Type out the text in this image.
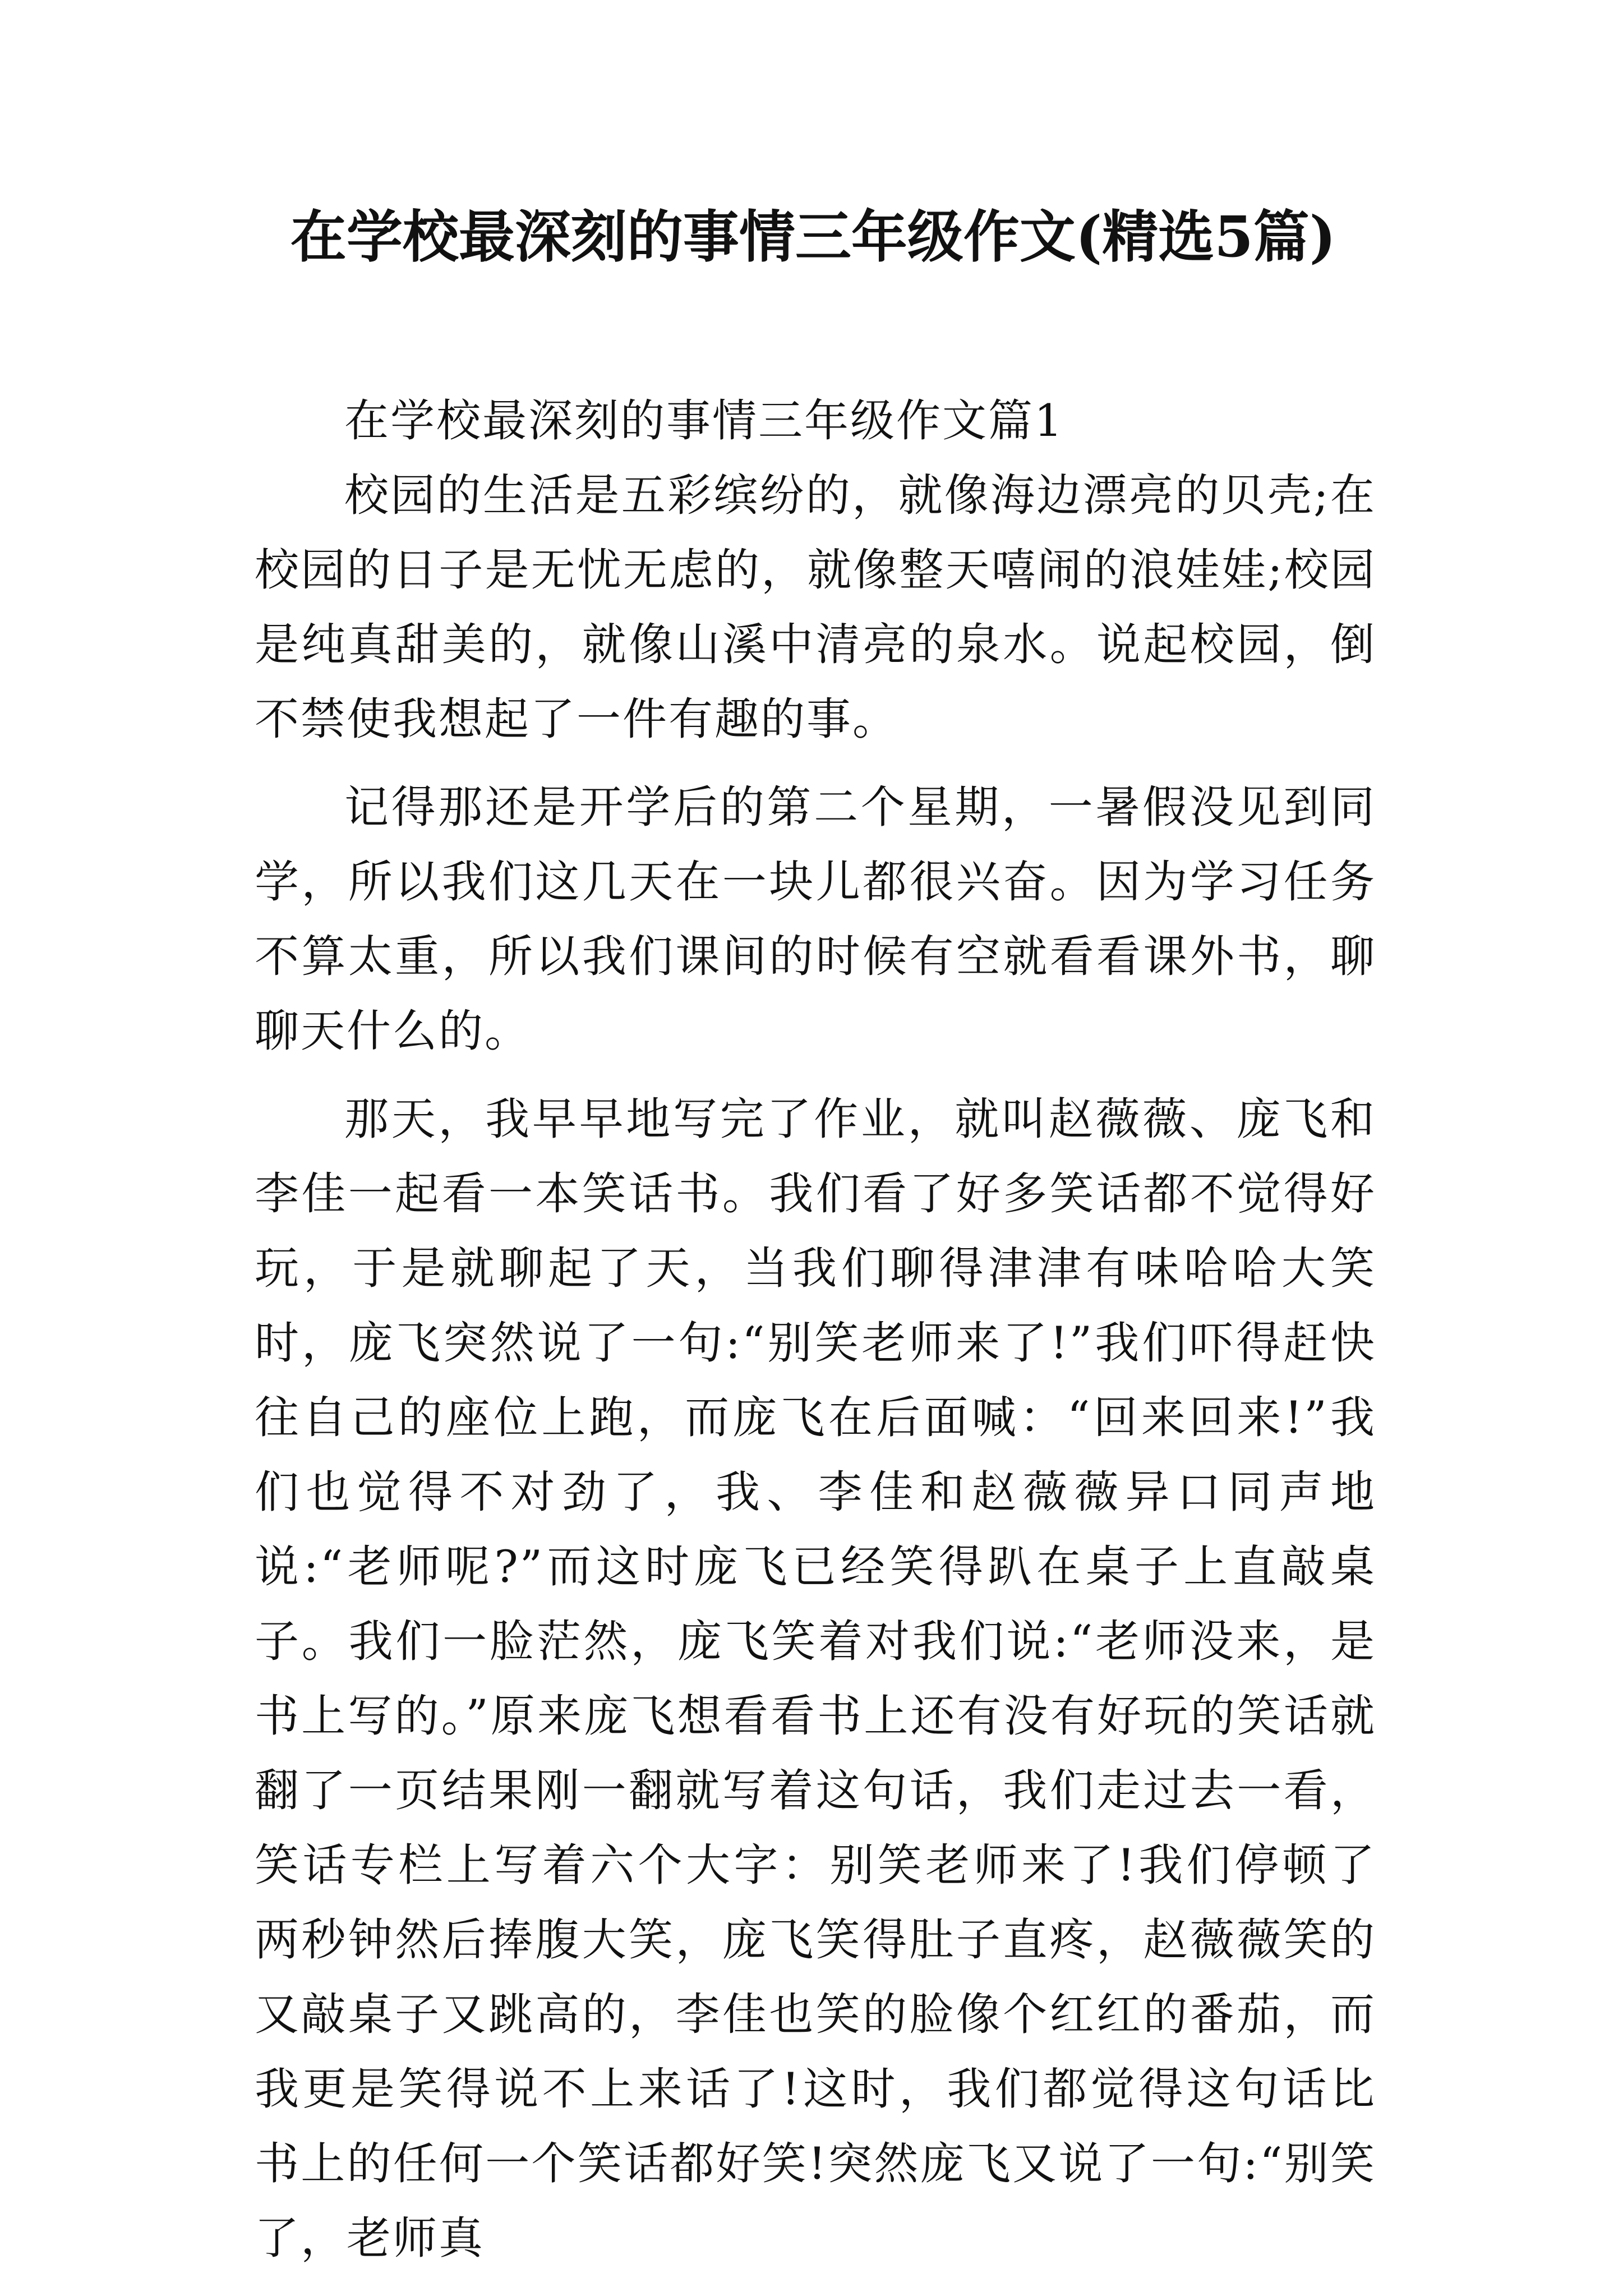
在学校最深刻的事情三年级作文(精选5篇)

在学校最深刻的事情三年级作文篇1

校园的生活是五彩缤纷的，就像海边漂亮的贝壳;在校园的日子是无忧无虑的，就像整天嘻闹的浪娃娃;校园是纯真甜美的，就像山溪中清亮的泉水。说起校园，倒不禁使我想起了一件有趣的事。

记得那还是开学后的第二个星期，一暑假没见到同学，所以我们这几天在一块儿都很兴奋。因为学习任务不算太重，所以我们课间的时候有空就看看课外书，聊聊天什么的。

那天，我早早地写完了作业，就叫赵薇薇、庞飞和李佳一起看一本笑话书。我们看了好多笑话都不觉得好玩，于是就聊起了天，当我们聊得津津有味哈哈大笑时，庞飞突然说了一句:“别笑老师来了!”我们吓得赶快往自己的座位上跑，而庞飞在后面喊：“回来回来!”我们也觉得不对劲了，我、李佳和赵薇薇异口同声地说:“老师呢?”而这时庞飞已经笑得趴在桌子上直敲桌子。我们一脸茫然，庞飞笑着对我们说:“老师没来，是书上写的。”原来庞飞想看看书上还有没有好玩的笑话就翻了一页结果刚一翻就写着这句话，我们走过去一看，笑话专栏上写着六个大字：别笑老师来了!我们停顿了两秒钟然后捧腹大笑，庞飞笑得肚子直疼，赵薇薇笑的又敲桌子又跳高的，李佳也笑的脸像个红红的番茄，而我更是笑得说不上来话了!这时，我们都觉得这句话比书上的任何一个笑话都好笑!突然庞飞又说了一句:“别笑了，老师真
